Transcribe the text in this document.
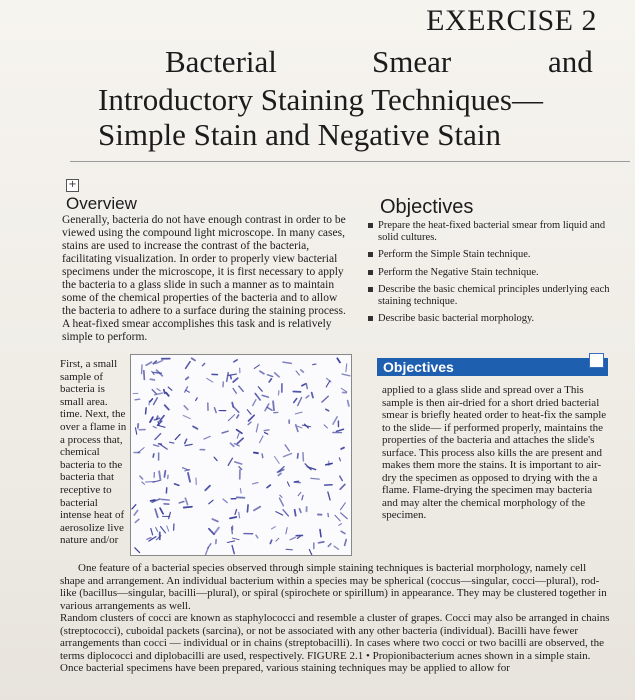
EXERCISE 2
Bacterial	Smear	and
Introductory Staining Techniques—
Simple Stain and Negative Stain
+
Overview
Generally, bacteria do not have enough contrast in order to be viewed using the compound light microscope. In many cases, stains are used to increase the contrast of the bacteria, facilitating visualization. In order to properly view bacterial specimens under the microscope, it is first necessary to apply the bacteria to a glass slide in such a manner as to maintain some of the chemical properties of the bacteria and to allow the bacteria to adhere to a surface during the staining process. A heat-fixed smear accomplishes this task and is relatively simple to perform.
Objectives
Prepare the heat-fixed bacterial smear from liquid and solid cultures.
Perform the Simple Stain technique.
Perform the Negative Stain technique.
Describe the basic chemical principles underlying each staining technique.
Describe basic bacterial morphology.
First, a small sample of bacteria is small area. time. Next, the over a flame in a process that, chemical bacteria to the bacteria that receptive to bacterial intense heat of aerosolize live nature and/or
Objectives
applied to a glass slide and spread over a This sample is then air-dried for a short dried bacterial smear is briefly heated order to heat-fix the sample to the slide— if performed properly, maintains the properties of the bacteria and attaches the slide's surface. This process also kills the are present and makes them more the stains. It is important to air-dry the specimen as opposed to drying with the a flame. Flame-drying the specimen may bacteria and may alter the chemical morphology of the specimen.

One feature of a bacterial species observed through simple staining techniques is bacterial morphology, namely cell shape and arrangement. An individual bacterium within a species may be spherical (coccus—singular, cocci—plural), rod-like (bacillus—singular, bacilli—plural), or spiral (spirochete or spirillum) in appearance. They may be clustered together in various arrangements as well.

Random clusters of cocci are known as staphylococci and resemble a cluster of grapes. Cocci may also be arranged in chains (streptococci), cuboidal packets (sarcina), or not be associated with any other bacteria (individual). Bacilli have fewer arrangements than cocci — individual or in chains (streptobacilli). In cases where two cocci or two bacilli are observed, the terms diplococci and diplobacilli are used, respectively. FIGURE 2.1 • Propionibacterium acnes shown in a simple stain. Once bacterial specimens have been prepared, various staining techniques may be applied to allow for
